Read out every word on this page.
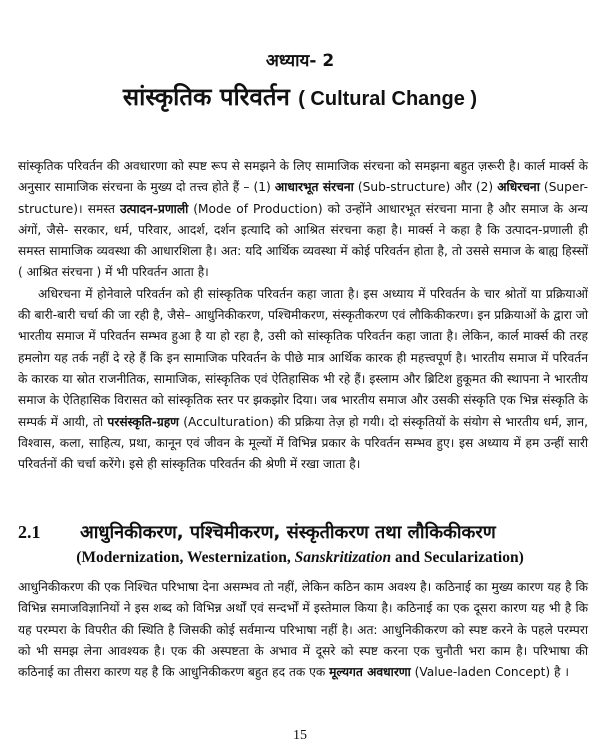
अध्याय- 2
सांस्कृतिक परिवर्तन ( Cultural Change )

सांस्कृतिक परिवर्तन की अवधारणा को स्पष्ट रूप से समझने के लिए सामाजिक संरचना को समझना बहुत ज़रूरी है। कार्ल मार्क्स के अनुसार सामाजिक संरचना के मुख्य दो तत्त्व होते हैं – (1) आधारभूत संरचना (Sub-structure) और (2) अधिरचना (Super-structure)। समस्त उत्पादन-प्रणाली (Mode of Production) को उन्होंने आधारभूत संरचना माना है और समाज के अन्य अंगों, जैसे- सरकार, धर्म, परिवार, आदर्श, दर्शन इत्यादि को आश्रित संरचना कहा है। मार्क्स ने कहा है कि उत्पादन-प्रणाली ही समस्त सामाजिक व्यवस्था की आधारशिला है। अत: यदि आर्थिक व्यवस्था में कोई परिवर्तन होता है, तो उससे समाज के बाह्य हिस्सों ( आश्रित संरचना ) में भी परिवर्तन आता है।

अधिरचना में होनेवाले परिवर्तन को ही सांस्कृतिक परिवर्तन कहा जाता है। इस अध्याय में परिवर्तन के चार श्रोतों या प्रक्रियाओं की बारी-बारी चर्चा की जा रही है, जैसे– आधुनिकीकरण, पश्चिमीकरण, संस्कृतीकरण एवं लौकिकीकरण। इन प्रक्रियाओं के द्वारा जो भारतीय समाज में परिवर्तन सम्भव हुआ है या हो रहा है, उसी को सांस्कृतिक परिवर्तन कहा जाता है। लेकिन, कार्ल मार्क्स की तरह हमलोग यह तर्क नहीं दे रहे हैं कि इन सामाजिक परिवर्तन के पीछे मात्र आर्थिक कारक ही महत्त्वपूर्ण है। भारतीय समाज में परिवर्तन के कारक या स्रोत राजनीतिक, सामाजिक, सांस्कृतिक एवं ऐतिहासिक भी रहे हैं। इस्लाम और ब्रिटिश हुकूमत की स्थापना ने भारतीय समाज के ऐतिहासिक विरासत को सांस्कृतिक स्तर पर झकझोर दिया। जब भारतीय समाज और उसकी संस्कृति एक भिन्न संस्कृति के सम्पर्क में आयी, तो परसंस्कृति-ग्रहण (Acculturation) की प्रक्रिया तेज़ हो गयी। दो संस्कृतियों के संयोग से भारतीय धर्म, ज्ञान, विश्वास, कला, साहित्य, प्रथा, कानून एवं जीवन के मूल्यों में विभिन्न प्रकार के परिवर्तन सम्भव हुए। इस अध्याय में हम उन्हीं सारी परिवर्तनों की चर्चा करेंगे। इसे ही सांस्कृतिक परिवर्तन की श्रेणी में रखा जाता है।

2.1 आधुनिकीकरण, पश्चिमीकरण, संस्कृतीकरण तथा लौकिकीकरण
(Modernization, Westernization, Sanskritization and Secularization)

आधुनिकीकरण की एक निश्चित परिभाषा देना असम्भव तो नहीं, लेकिन कठिन काम अवश्य है। कठिनाई का मुख्य कारण यह है कि विभिन्न समाजविज्ञानियों ने इस शब्द को विभिन्न अर्थों एवं सन्दर्भों में इस्तेमाल किया है। कठिनाई का एक दूसरा कारण यह भी है कि यह परम्परा के विपरीत की स्थिति है जिसकी कोई सर्वमान्य परिभाषा नहीं है। अत: आधुनिकीकरण को स्पष्ट करने के पहले परम्परा को भी समझ लेना आवश्यक है। एक की अस्पष्टता के अभाव में दूसरे को स्पष्ट करना एक चुनौती भरा काम है। परिभाषा की कठिनाई का तीसरा कारण यह है कि आधुनिकीकरण बहुत हद तक एक मूल्यगत अवधारणा (Value-laden Concept) है ।

15
